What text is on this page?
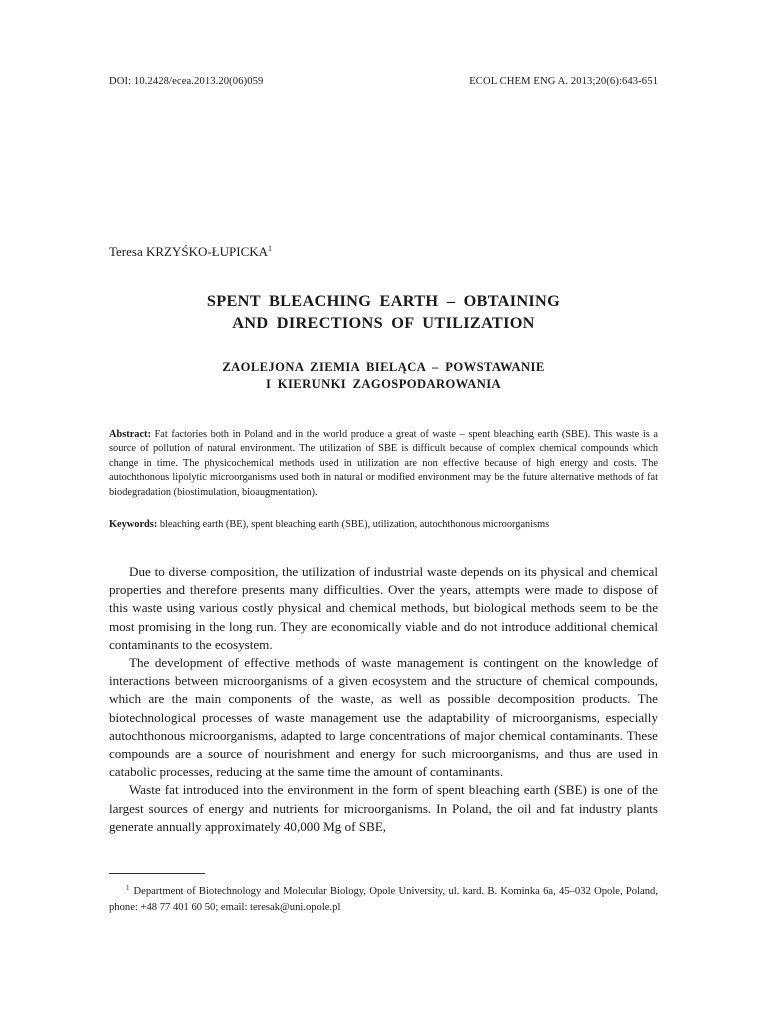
DOI: 10.2428/ecea.2013.20(06)059	ECOL CHEM ENG A. 2013;20(6):643-651
Teresa KRZYŚKO-ŁUPICKA$^1$
SPENT BLEACHING EARTH – OBTAINING
AND DIRECTIONS OF UTILIZATION
ZAOLEJONA ZIEMIA BIELĄCA – POWSTAWANIE
I KIERUNKI ZAGOSPODAROWANIA
Abstract: Fat factories both in Poland and in the world produce a great of waste – spent bleaching earth (SBE). This waste is a source of pollution of natural environment. The utilization of SBE is difficult because of complex chemical compounds which change in time. The physicochemical methods used in utilization are non effective because of high energy and costs. The autochthonous lipolytic microorganisms used both in natural or modified environment may be the future alternative methods of fat biodegradation (biostimulation, bioaugmentation).
Keywords: bleaching earth (BE), spent bleaching earth (SBE), utilization, autochthonous microorganisms

Due to diverse composition, the utilization of industrial waste depends on its physical and chemical properties and therefore presents many difficulties. Over the years, attempts were made to dispose of this waste using various costly physical and chemical methods, but biological methods seem to be the most promising in the long run. They are economically viable and do not introduce additional chemical contaminants to the ecosystem.

The development of effective methods of waste management is contingent on the knowledge of interactions between microorganisms of a given ecosystem and the structure of chemical compounds, which are the main components of the waste, as well as possible decomposition products. The biotechnological processes of waste management use the adaptability of microorganisms, especially autochthonous microorganisms, adapted to large concentrations of major chemical contaminants. These compounds are a source of nourishment and energy for such microorganisms, and thus are used in catabolic processes, reducing at the same time the amount of contaminants.

Waste fat introduced into the environment in the form of spent bleaching earth (SBE) is one of the largest sources of energy and nutrients for microorganisms. In Poland, the oil and fat industry plants generate annually approximately 40,000 Mg of SBE,

$^1$ Department of Biotechnology and Molecular Biology, Opole University, ul. kard. B. Kominka 6a, 45–032 Opole, Poland, phone: +48 77 401 60 50; email: teresak@uni.opole.pl
